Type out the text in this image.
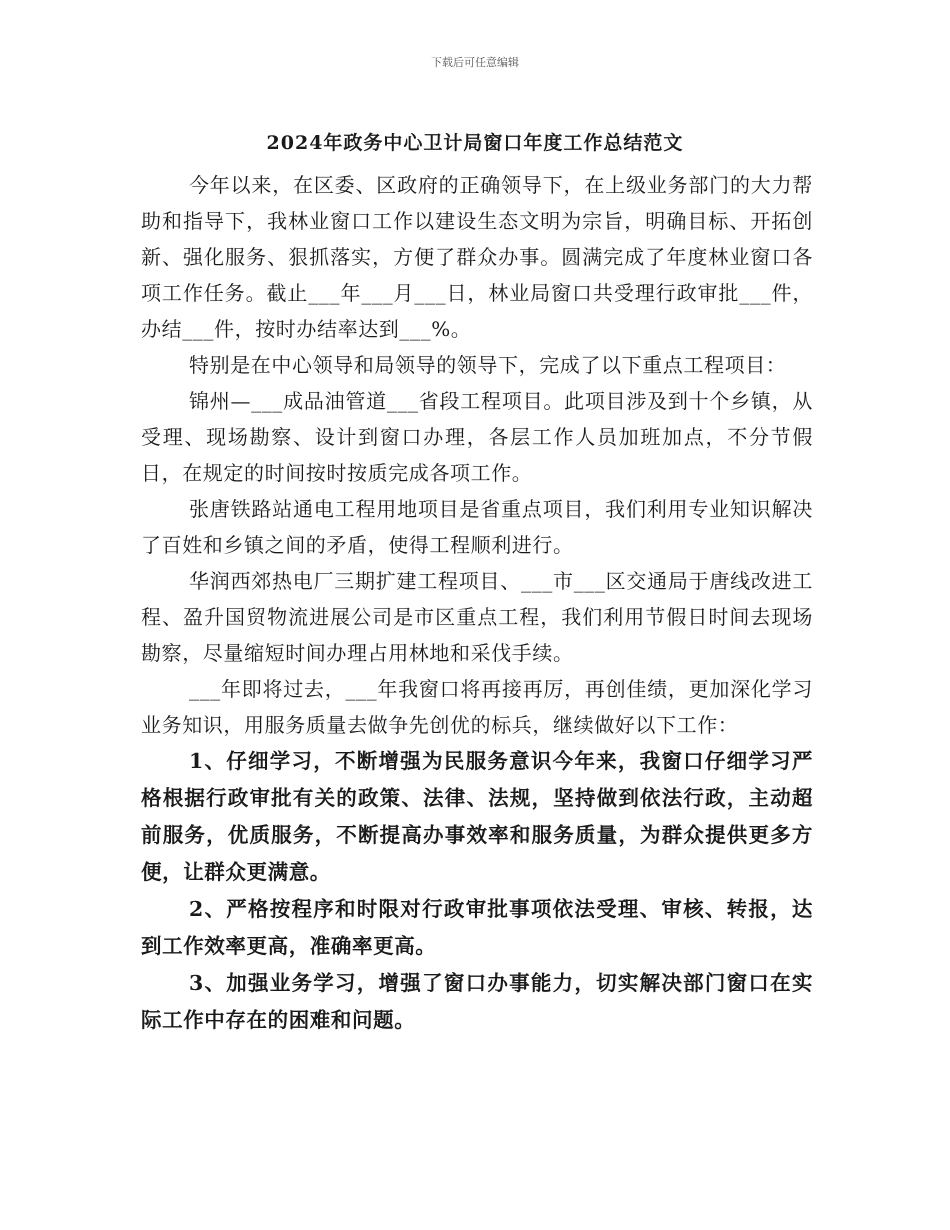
下载后可任意编辑
2024年政务中心卫计局窗口年度工作总结范文

今年以来，在区委、区政府的正确领导下，在上级业务部门的大力帮助和指导下，我林业窗口工作以建设生态文明为宗旨，明确目标、开拓创新、强化服务、狠抓落实，方便了群众办事。圆满完成了年度林业窗口各项工作任务。截止___年___月___日，林业局窗口共受理行政审批___件，办结___件，按时办结率达到___%。

特别是在中心领导和局领导的领导下，完成了以下重点工程项目：

锦州—___成品油管道___省段工程项目。此项目涉及到十个乡镇，从受理、现场勘察、设计到窗口办理，各层工作人员加班加点，不分节假日，在规定的时间按时按质完成各项工作。

张唐铁路站通电工程用地项目是省重点项目，我们利用专业知识解决了百姓和乡镇之间的矛盾，使得工程顺利进行。

华润西郊热电厂三期扩建工程项目、___市___区交通局于唐线改进工程、盈升国贸物流进展公司是市区重点工程，我们利用节假日时间去现场勘察，尽量缩短时间办理占用林地和采伐手续。

___年即将过去，___年我窗口将再接再厉，再创佳绩，更加深化学习业务知识，用服务质量去做争先创优的标兵，继续做好以下工作：

1、仔细学习，不断增强为民服务意识今年来，我窗口仔细学习严格根据行政审批有关的政策、法律、法规，坚持做到依法行政，主动超前服务，优质服务，不断提高办事效率和服务质量，为群众提供更多方便，让群众更满意。

2、严格按程序和时限对行政审批事项依法受理、审核、转报，达到工作效率更高，准确率更高。

3、加强业务学习，增强了窗口办事能力，切实解决部门窗口在实际工作中存在的困难和问题。
